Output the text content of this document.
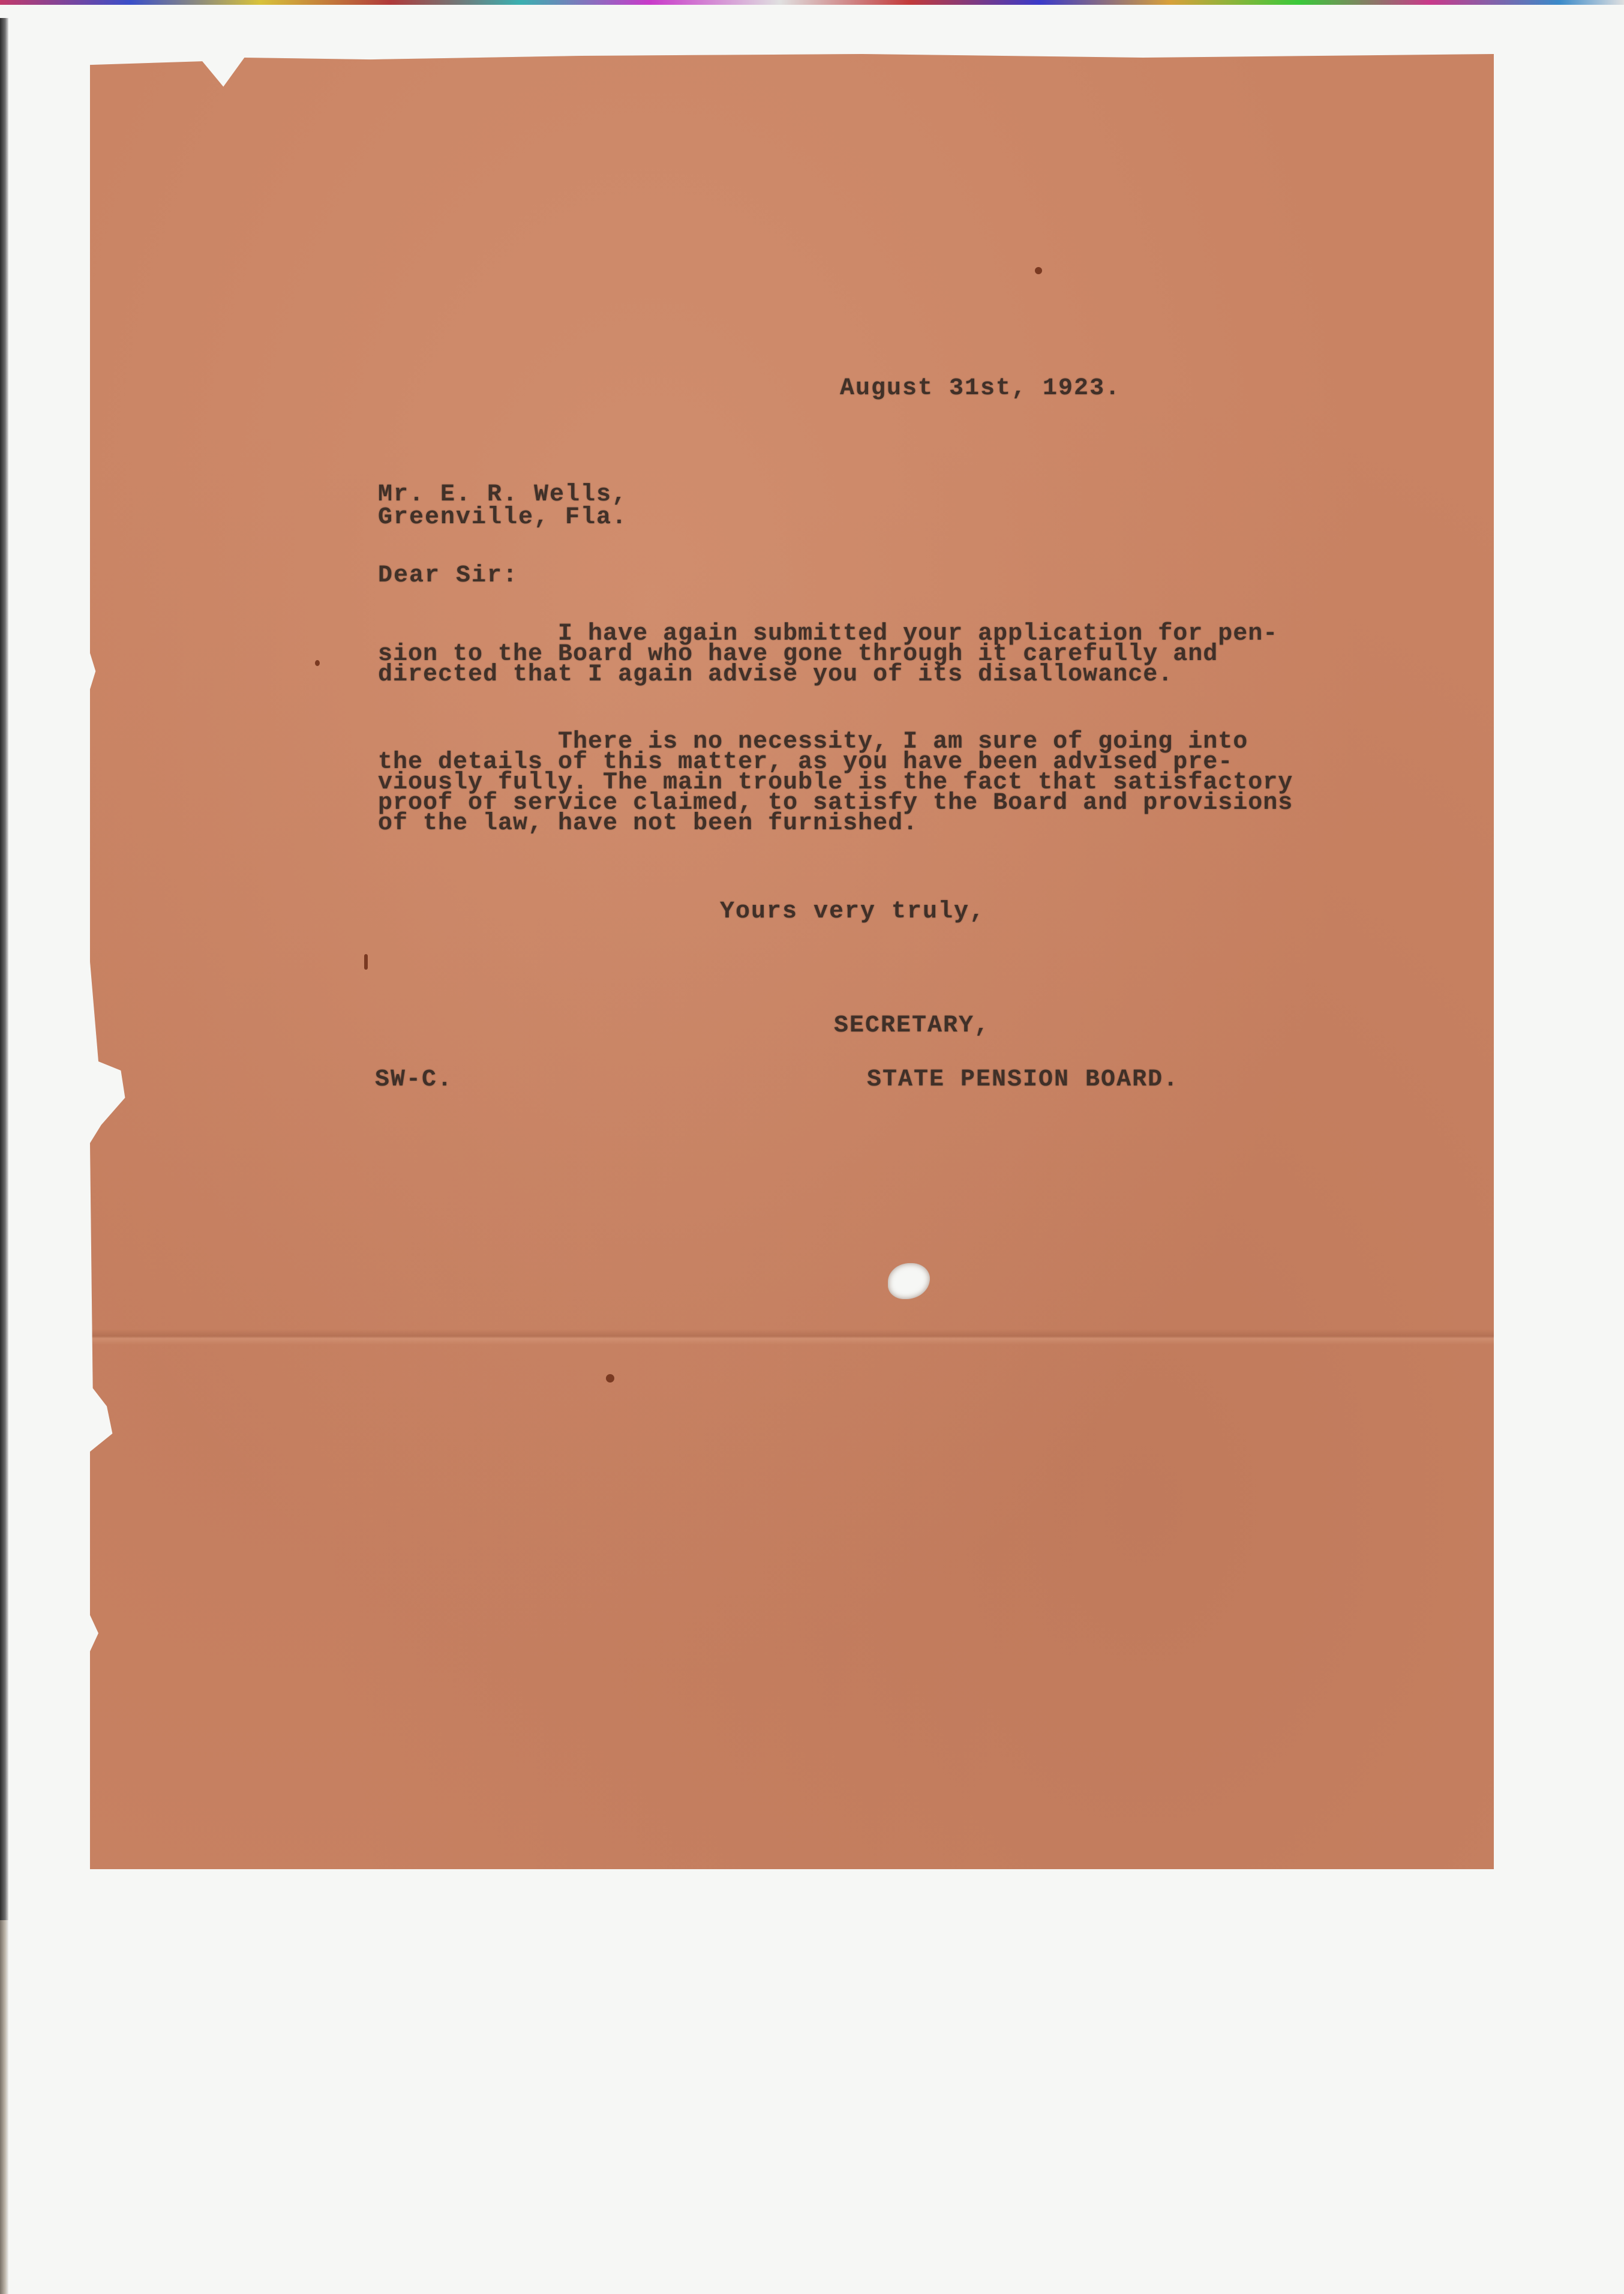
August 31st, 1923.
Mr. E. R. Wells,
Greenville, Fla.
Dear Sir:
I have again submitted your application for pen-
sion to the Board who have gone through it carefully and
directed that I again advise you of its disallowance.
There is no necessity, I am sure of going into
the details of this matter, as you have been advised pre-
viously fully. The main trouble is the fact that satisfactory
proof of service claimed, to satisfy the Board and provisions
of the law, have not been furnished.
Yours very truly,
SECRETARY,
SW-C.	STATE PENSION BOARD.
